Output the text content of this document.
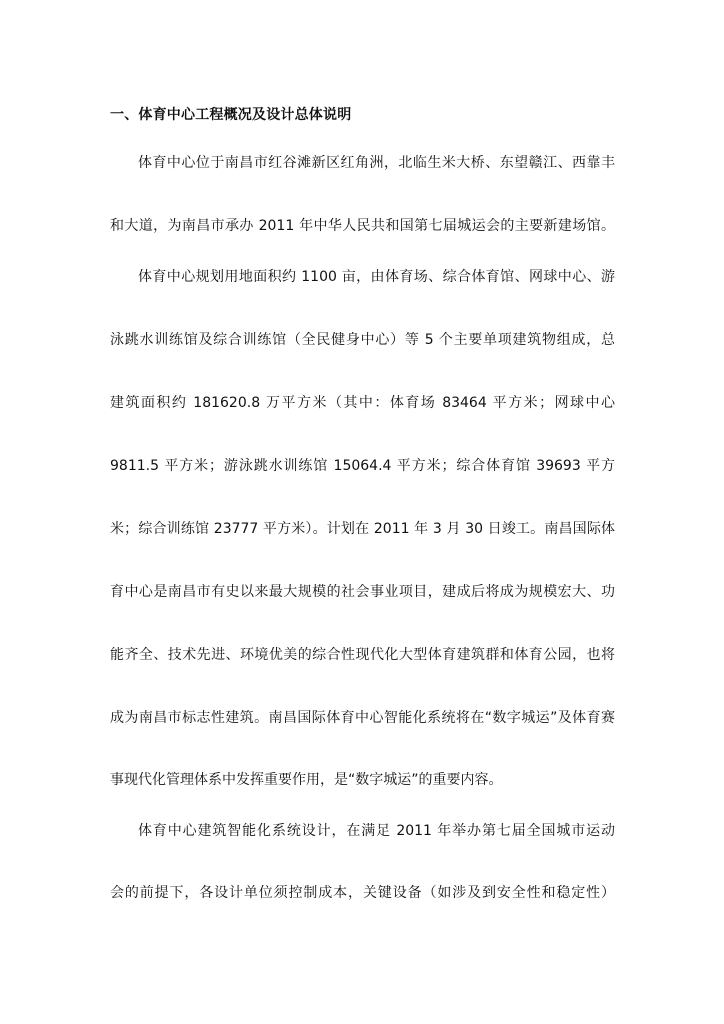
一、体育中心工程概况及设计总体说明
体育中心位于南昌市红谷滩新区红角洲，北临生米大桥、东望赣江、西靠丰
和大道，为南昌市承办 2011 年中华人民共和国第七届城运会的主要新建场馆。
体育中心规划用地面积约 1100 亩，由体育场、综合体育馆、网球中心、游
泳跳水训练馆及综合训练馆（全民健身中心）等 5 个主要单项建筑物组成，总
建筑面积约 181620.8 万平方米（其中：体育场 83464 平方米；网球中心
9811.5 平方米；游泳跳水训练馆 15064.4 平方米；综合体育馆 39693 平方
米；综合训练馆 23777 平方米）。计划在 2011 年 3 月 30 日竣工。南昌国际体
育中心是南昌市有史以来最大规模的社会事业项目，建成后将成为规模宏大、功
能齐全、技术先进、环境优美的综合性现代化大型体育建筑群和体育公园，也将
成为南昌市标志性建筑。南昌国际体育中心智能化系统将在“数字城运”及体育赛
事现代化管理体系中发挥重要作用，是“数字城运”的重要内容。
体育中心建筑智能化系统设计，在满足 2011 年举办第七届全国城市运动
会的前提下，各设计单位须控制成本，关键设备（如涉及到安全性和稳定性）
